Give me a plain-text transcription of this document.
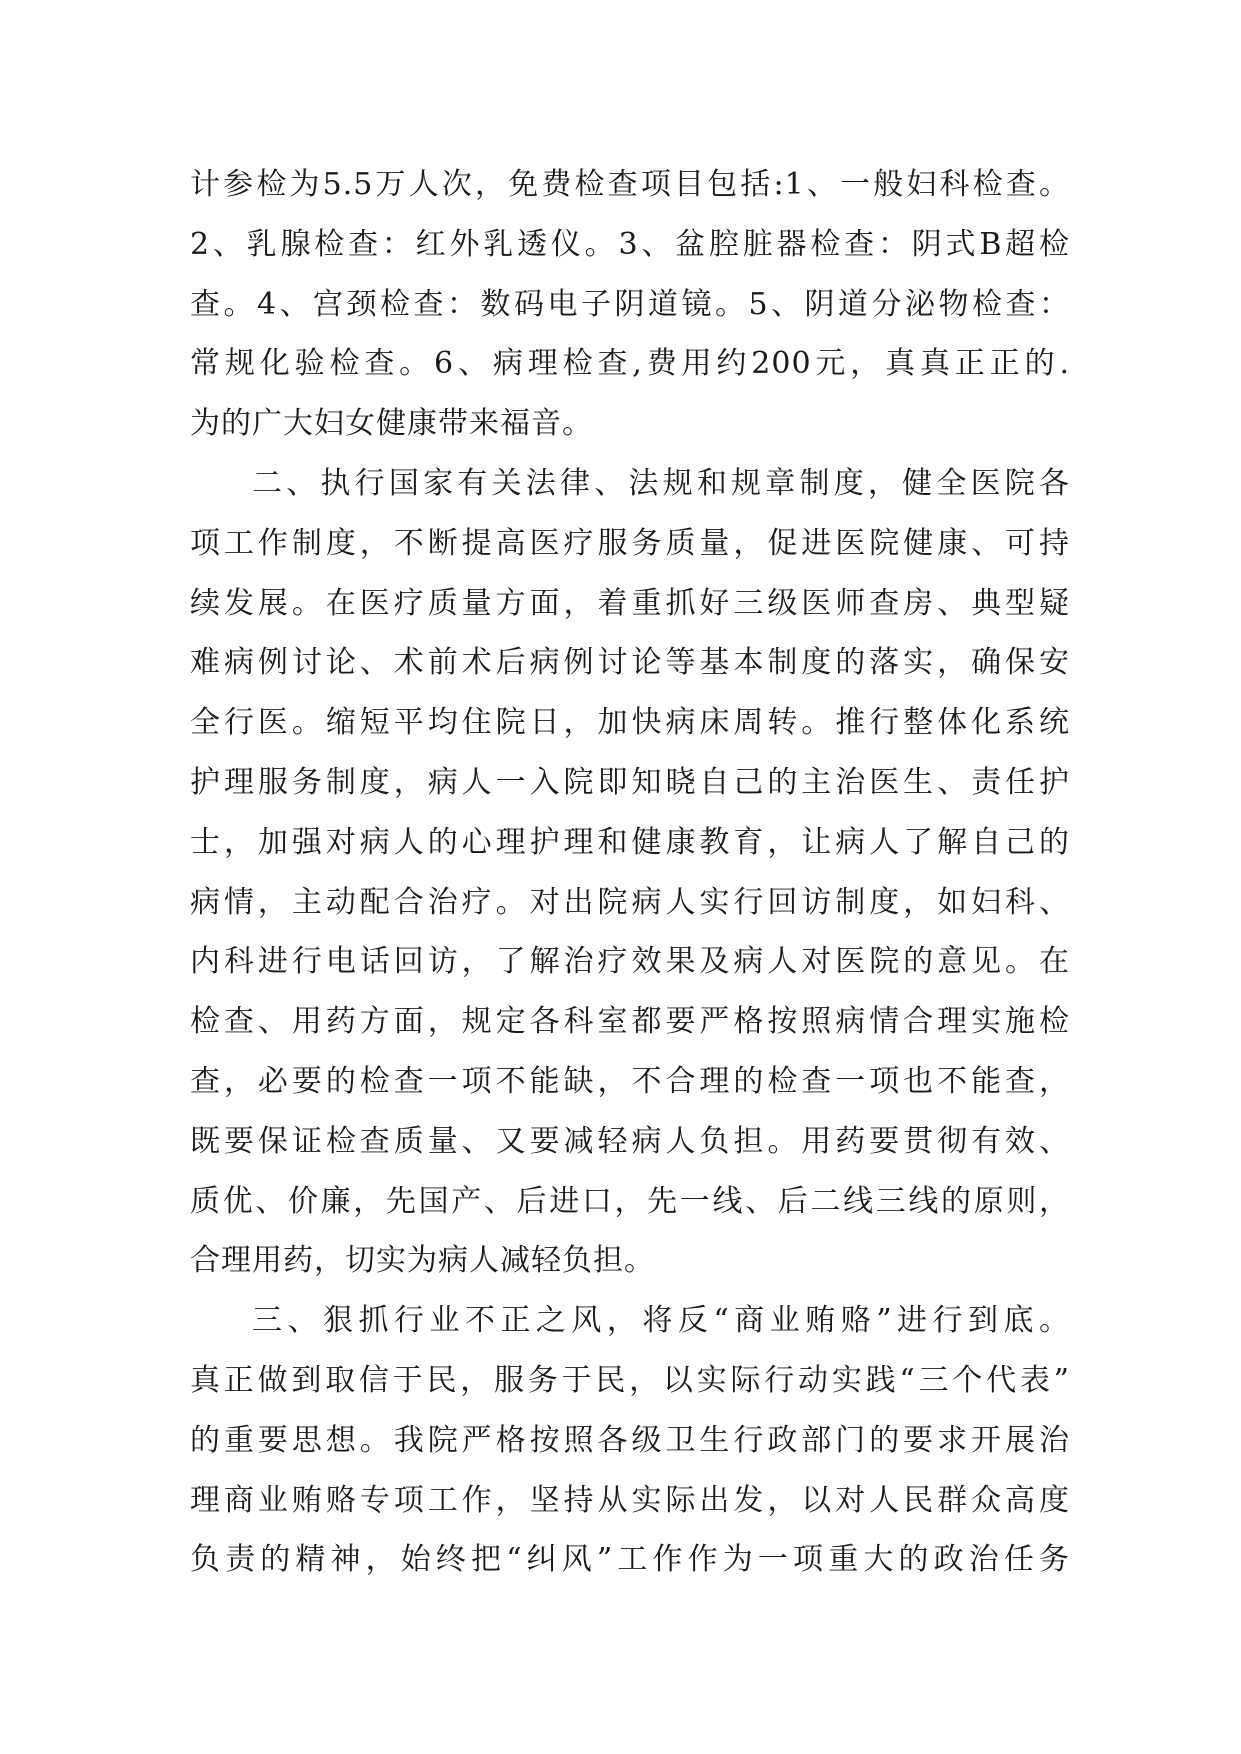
计参检为5.5万人次，免费检查项目包括:1、一般妇科检查。
2、乳腺检查：红外乳透仪。3、盆腔脏器检查：阴式B超检
查。4、宫颈检查：数码电子阴道镜。5、阴道分泌物检查：
常规化验检查。6、病理检查,费用约200元，真真正正的.
为的广大妇女健康带来福音。
二、执行国家有关法律、法规和规章制度，健全医院各
项工作制度，不断提高医疗服务质量，促进医院健康、可持
续发展。在医疗质量方面，着重抓好三级医师查房、典型疑
难病例讨论、术前术后病例讨论等基本制度的落实，确保安
全行医。缩短平均住院日，加快病床周转。推行整体化系统
护理服务制度，病人一入院即知晓自己的主治医生、责任护
士，加强对病人的心理护理和健康教育，让病人了解自己的
病情，主动配合治疗。对出院病人实行回访制度，如妇科、
内科进行电话回访，了解治疗效果及病人对医院的意见。在
检查、用药方面，规定各科室都要严格按照病情合理实施检
查，必要的检查一项不能缺，不合理的检查一项也不能查，
既要保证检查质量、又要减轻病人负担。用药要贯彻有效、
质优、价廉，先国产、后进口，先一线、后二线三线的原则，
合理用药，切实为病人减轻负担。
三、狠抓行业不正之风，将反“商业贿赂”进行到底。
真正做到取信于民，服务于民，以实际行动实践“三个代表”
的重要思想。我院严格按照各级卫生行政部门的要求开展治
理商业贿赂专项工作，坚持从实际出发，以对人民群众高度
负责的精神，始终把“纠风”工作作为一项重大的政治任务
